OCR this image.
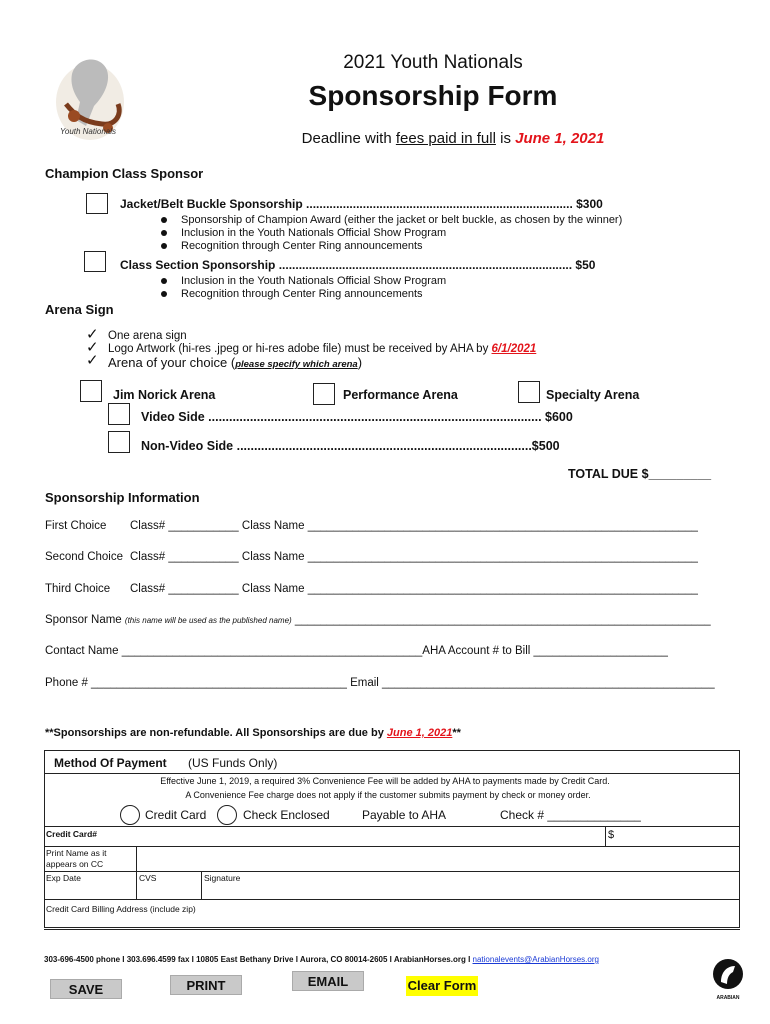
Youth Nationals
2021 Youth Nationals
Sponsorship Form
Deadline with fees paid in full is June 1, 2021
Champion Class Sponsor
Jacket/Belt Buckle Sponsorship ................................................................................ $300
Sponsorship of Champion Award (either the jacket or belt buckle, as chosen by the winner)
Inclusion in the Youth Nationals Official Show Program
Recognition through Center Ring announcements
Class Section Sponsorship ........................................................................................ $50
Inclusion in the Youth Nationals Official Show Program
Recognition through Center Ring announcements
Arena Sign
✓ One arena sign
✓ Logo Artwork (hi-res .jpeg or hi-res adobe file) must be received by AHA by 6/1/2021
✓ Arena of your choice (please specify which arena)
Jim Norick Arena	Performance Arena	Specialty Arena
Video Side ................................................................................................ $600
Non-Video Side .....................................................................................$500
TOTAL DUE $_________
Sponsorship Information
First Choice Class# ___________ Class Name _____________________________________________________________
Second Choice Class# ___________ Class Name _____________________________________________________________
Third Choice Class# ___________ Class Name _____________________________________________________________
Sponsor Name (this name will be used as the published name) _________________________________________________________________
Contact Name _______________________________________________AHA Account # to Bill _____________________
Phone # ________________________________________ Email ____________________________________________________
**Sponsorships are non-refundable. All Sponsorships are due by June 1, 2021**
Method Of Payment (US Funds Only)
Effective June 1, 2019, a required 3% Convenience Fee will be added by AHA to payments made by Credit Card.
A Convenience Fee charge does not apply if the customer submits payment by check or money order.
Credit Card	Check Enclosed	Payable to AHA	Check # ______________
Credit Card#			$
Print Name as it appears on CC			
Exp Date	CVS	Signature	
Credit Card Billing Address (include zip)			
303-696-4500 phone I 303.696.4599 fax I 10805 East Bethany Drive I Aurora, CO 80014-2605 I ArabianHorses.org I nationalevents@ArabianHorses.org
ARABIAN
SAVE	PRINT	EMAIL	Clear Form
